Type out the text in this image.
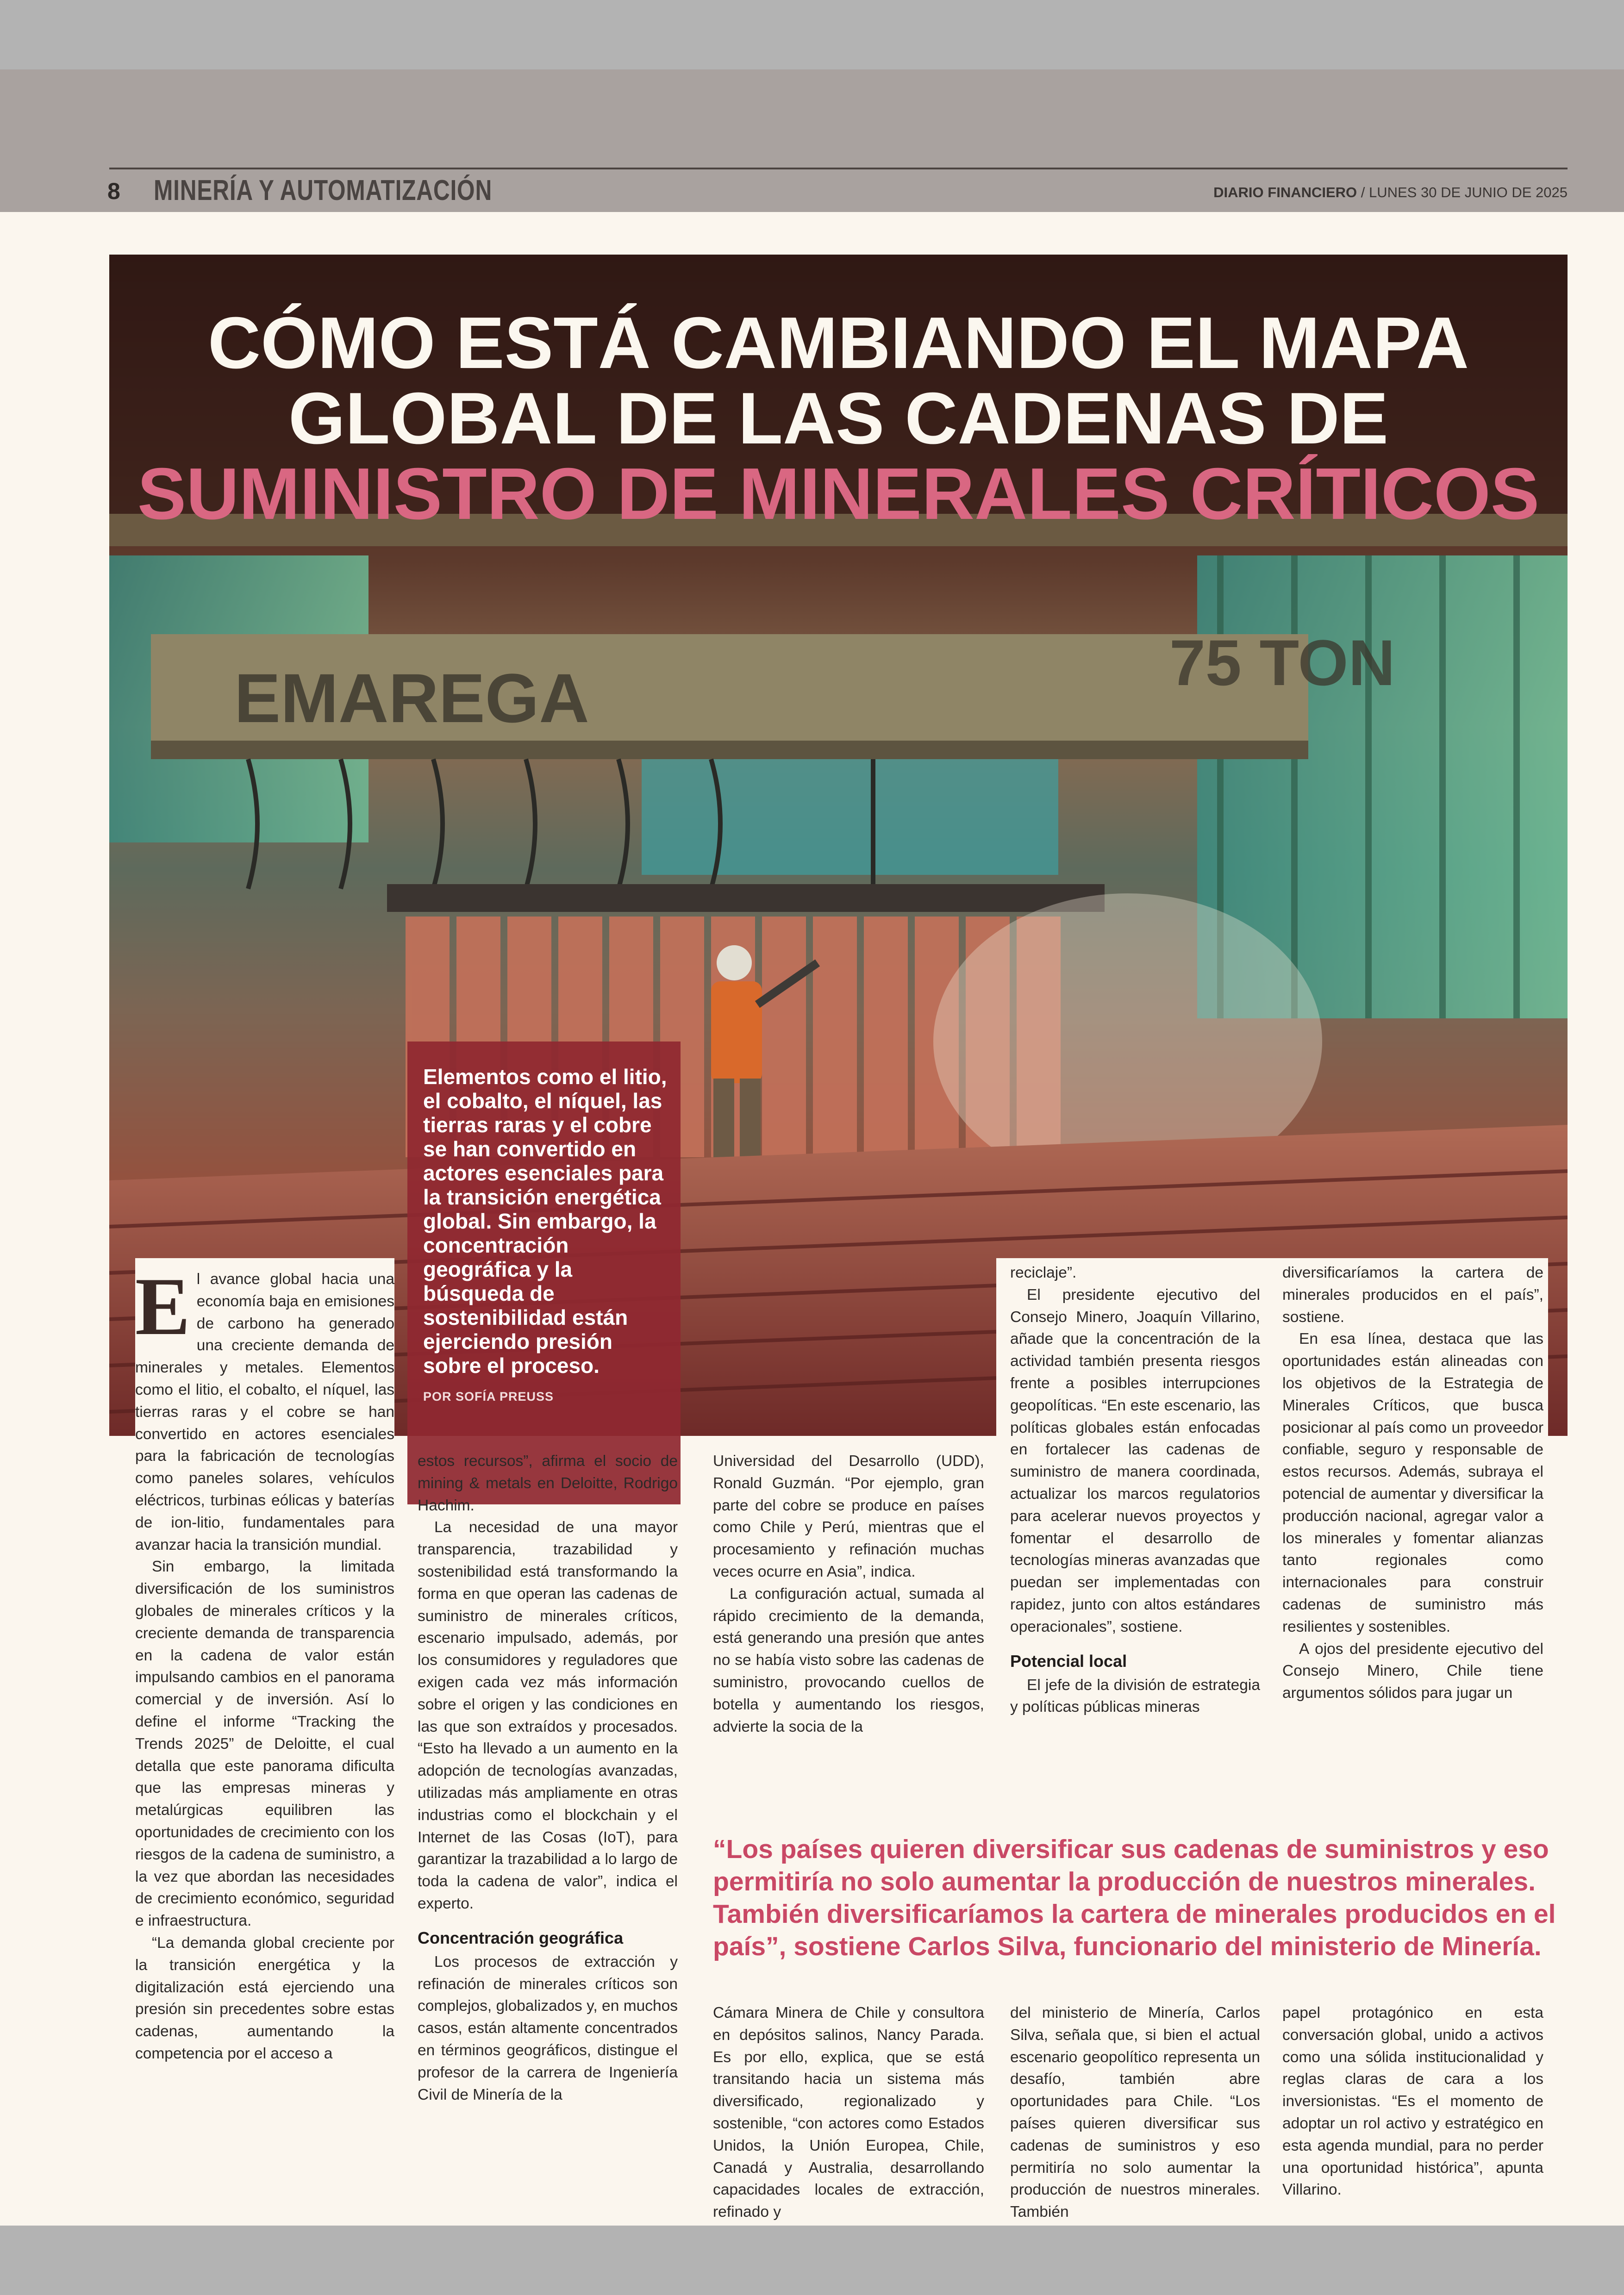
8 MINERÍA Y AUTOMATIZACIÓN	DIARIO FINANCIERO / LUNES 30 DE JUNIO DE 2025
EMAREGA	75 TON
CÓMO ESTÁ CAMBIANDO EL MAPA
GLOBAL DE LAS CADENAS DE
SUMINISTRO DE MINERALES CRÍTICOS

Elementos como el litio, el cobalto, el níquel, las tierras raras y el cobre se han convertido en actores esenciales para la transición energética global. Sin embargo, la concentración geográfica y la búsqueda de sostenibilidad están ejerciendo presión sobre el proceso.

POR SOFÍA PREUSS
E l avance global hacia una economía baja en emisiones de carbono ha generado una creciente demanda de minerales y metales. Elementos como el litio, el cobalto, el níquel, las tierras raras y el cobre se han convertido en actores esenciales para la fabricación de tecnologías como paneles solares, vehículos eléctricos, turbinas eólicas y baterías de ion-litio, fundamentales para avanzar hacia la transición mundial.

Sin embargo, la limitada diversificación de los suministros globales de minerales críticos y la creciente demanda de transparencia en la cadena de valor están impulsando cambios en el panorama comercial y de inversión. Así lo define el informe “Tracking the Trends 2025” de Deloitte, el cual detalla que este panorama dificulta que las empresas mineras y metalúrgicas equilibren las oportunidades de crecimiento con los riesgos de la cadena de suministro, a la vez que abordan las necesidades de crecimiento económico, seguridad e infraestructura.

“La demanda global creciente por la transición energética y la digitalización está ejerciendo una presión sin precedentes sobre estas cadenas, aumentando la competencia por el acceso a

estos recursos”, afirma el socio de mining & metals en Deloitte, Rodrigo Hachim.

La necesidad de una mayor transparencia, trazabilidad y sostenibilidad está transformando la forma en que operan las cadenas de suministro de minerales críticos, escenario impulsado, además, por los consumidores y reguladores que exigen cada vez más información sobre el origen y las condiciones en las que son extraídos y procesados. “Esto ha llevado a un aumento en la adopción de tecnologías avanzadas, utilizadas más ampliamente en otras industrias como el blockchain y el Internet de las Cosas (IoT), para garantizar la trazabilidad a lo largo de toda la cadena de valor”, indica el experto.

Concentración geográfica

Los procesos de extracción y refinación de minerales críticos son complejos, globalizados y, en muchos casos, están altamente concentrados en términos geográficos, distingue el profesor de la carrera de Ingeniería Civil de Minería de la

Universidad del Desarrollo (UDD), Ronald Guzmán. “Por ejemplo, gran parte del cobre se produce en países como Chile y Perú, mientras que el procesamiento y refinación muchas veces ocurre en Asia”, indica.

La configuración actual, sumada al rápido crecimiento de la demanda, está generando una presión que antes no se había visto sobre las cadenas de suministro, provocando cuellos de botella y aumentando los riesgos, advierte la socia de la

reciclaje”.

El presidente ejecutivo del Consejo Minero, Joaquín Villarino, añade que la concentración de la actividad también presenta riesgos frente a posibles interrupciones geopolíticas. “En este escenario, las políticas globales están enfocadas en fortalecer las cadenas de suministro de manera coordinada, actualizar los marcos regulatorios para acelerar nuevos proyectos y fomentar el desarrollo de tecnologías mineras avanzadas que puedan ser implementadas con rapidez, junto con altos estándares operacionales”, sostiene.

Potencial local

El jefe de la división de estrategia y políticas públicas mineras

diversificaríamos la cartera de minerales producidos en el país”, sostiene.

En esa línea, destaca que las oportunidades están alineadas con los objetivos de la Estrategia de Minerales Críticos, que busca posicionar al país como un proveedor confiable, seguro y responsable de estos recursos. Además, subraya el potencial de aumentar y diversificar la producción nacional, agregar valor a los minerales y fomentar alianzas tanto regionales como internacionales para construir cadenas de suministro más resilientes y sostenibles.

A ojos del presidente ejecutivo del Consejo Minero, Chile tiene argumentos sólidos para jugar un

“Los países quieren diversificar sus cadenas de suministros y eso permitiría no solo aumentar la producción de nuestros minerales. También diversificaríamos la cartera de minerales producidos en el país”, sostiene Carlos Silva, funcionario del ministerio de Minería.

Cámara Minera de Chile y consultora en depósitos salinos, Nancy Parada. Es por ello, explica, que se está transitando hacia un sistema más diversificado, regionalizado y sostenible, “con actores como Estados Unidos, la Unión Europea, Chile, Canadá y Australia, desarrollando capacidades locales de extracción, refinado y

del ministerio de Minería, Carlos Silva, señala que, si bien el actual escenario geopolítico representa un desafío, también abre oportunidades para Chile. “Los países quieren diversificar sus cadenas de suministros y eso permitiría no solo aumentar la producción de nuestros minerales. También

papel protagónico en esta conversación global, unido a activos como una sólida institucionalidad y reglas claras de cara a los inversionistas. “Es el momento de adoptar un rol activo y estratégico en esta agenda mundial, para no perder una oportunidad histórica”, apunta Villarino.
